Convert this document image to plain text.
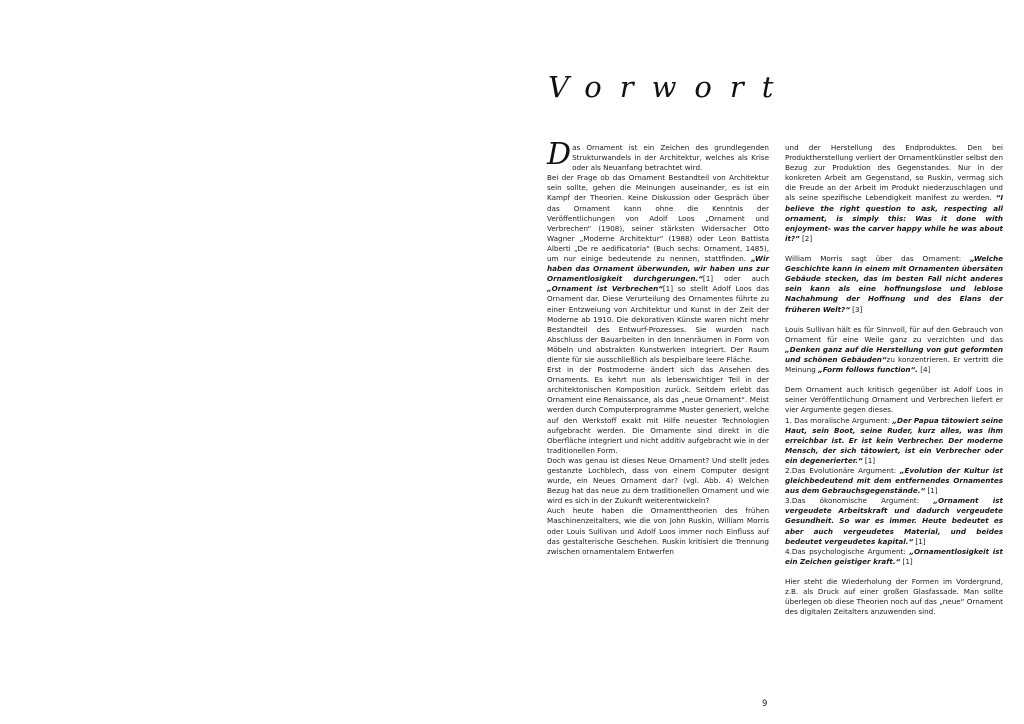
Vorwort

Das Ornament ist ein Zeichen des grundlegenden Strukturwandels in der Architektur, welches als Krise oder als Neuanfang betrachtet wird.

Bei der Frage ob das Ornament Bestandteil von Architektur sein sollte, gehen die Meinungen auseinander, es ist ein Kampf der Theorien. Keine Diskussion oder Gespräch über das Ornament kann ohne die Kenntnis der Veröffentlichungen von Adolf Loos „Ornament und Verbrechen“ (1908), seiner stärksten Widersacher Otto Wagner „Moderne Architektur“ (1988) oder Leon Battista Alberti „De re aedificatoria“ (Buch sechs: Ornament, 1485), um nur einige bedeutende zu nennen, stattfinden. „Wir haben das Ornament überwunden, wir haben uns zur Ornamentlosigkeit durchgerungen.“[1] oder auch „Ornament ist Verbrechen“[1] so stellt Adolf Loos das Ornament dar. Diese Verurteilung des Ornamentes führte zu einer Entzweiung von Architektur und Kunst in der Zeit der Moderne ab 1910. Die dekorativen Künste waren nicht mehr Bestandteil des Entwurf-Prozesses. Sie wurden nach Abschluss der Bauarbeiten in den Innenräumen in Form von Möbeln und abstrakten Kunstwerken integriert. Der Raum diente für sie ausschließlich als bespielbare leere Fläche.

Erst in der Postmoderne ändert sich das Ansehen des Ornaments. Es kehrt nun als lebenswichtiger Teil in der architektonischen Komposition zurück. Seitdem erlebt das Ornament eine Renaissance, als das „neue Ornament“. Meist werden durch Computerprogramme Muster generiert, welche auf den Werkstoff exakt mit Hilfe neuester Technologien aufgebracht werden. Die Ornamente sind direkt in die Oberfläche integriert und nicht additiv aufgebracht wie in der traditionellen Form.

Doch was genau ist dieses Neue Ornament? Und stellt jedes gestanzte Lochblech, dass von einem Computer designt wurde, ein Neues Ornament dar? (vgl. Abb. 4) Welchen Bezug hat das neue zu dem traditionellen Ornament und wie wird es sich in der Zukunft weiterentwickeln?

Auch heute haben die Ornamenttheorien des frühen Maschinenzeitalters, wie die von John Ruskin, William Morris oder Louis Sullivan und Adolf Loos immer noch Einfluss auf das gestalterische Geschehen. Ruskin kritisiert die Trennung zwischen ornamentalem Entwerfen

und der Herstellung des Endproduktes. Den bei Produktherstellung verliert der Ornamentkünstler selbst den Bezug zur Produktion des Gegenstandes. Nur in der konkreten Arbeit am Gegenstand, so Ruskin, vermag sich die Freude an der Arbeit im Produkt niederzuschlagen und als seine spezifische Lebendigkeit manifest zu werden. “I believe the right question to ask, respecting all ornament, is simply this: Was it done with enjoyment- was the carver happy while he was about it?” [2]

William Morris sagt über das Ornament: „Welche Geschichte kann in einem mit Ornamenten übersäten Gebäude stecken, das im besten Fall nicht anderes sein kann als eine hoffnungslose und leblose Nachahmung der Hoffnung und des Elans der früheren Welt?“ [3]

Louis Sullivan hält es für Sinnvoll, für auf den Gebrauch von Ornament für eine Weile ganz zu verzichten und das „Denken ganz auf die Herstellung von gut geformten und schönen Gebäuden“zu konzentrieren. Er vertritt die Meinung „Form follows function“. [4]

Dem Ornament auch kritisch gegenüber ist Adolf Loos in seiner Veröffentlichung Ornament und Verbrechen liefert er vier Argumente gegen dieses.

1. Das moralische Argument: „Der Papua tätowiert seine Haut, sein Boot, seine Ruder, kurz alles, was ihm erreichbar ist. Er ist kein Verbrecher. Der moderne Mensch, der sich tätowiert, ist ein Verbrecher oder ein degenerierter.“ [1]

2.Das Evolutionäre Argument: „Evolution der Kultur ist gleichbedeutend mit dem entfernendes Ornamentes aus dem Gebrauchsgegenstände.“ [1]

3.Das ökonomische Argument: „Ornament ist vergeudete Arbeitskraft und dadurch vergeudete Gesundheit. So war es immer. Heute bedeutet es aber auch vergeudetes Material, und beides bedeutet vergeudetes kapital.“ [1]

4.Das psychologische Argument: „Ornamentlosigkeit ist ein Zeichen geistiger kraft.“ [1]

Hier steht die Wiederholung der Formen im Vordergrund, z.B. als Druck auf einer großen Glasfassade. Man sollte überlegen ob diese Theorien noch auf das „neue“ Ornament des digitalen Zeitalters anzuwenden sind.

9
